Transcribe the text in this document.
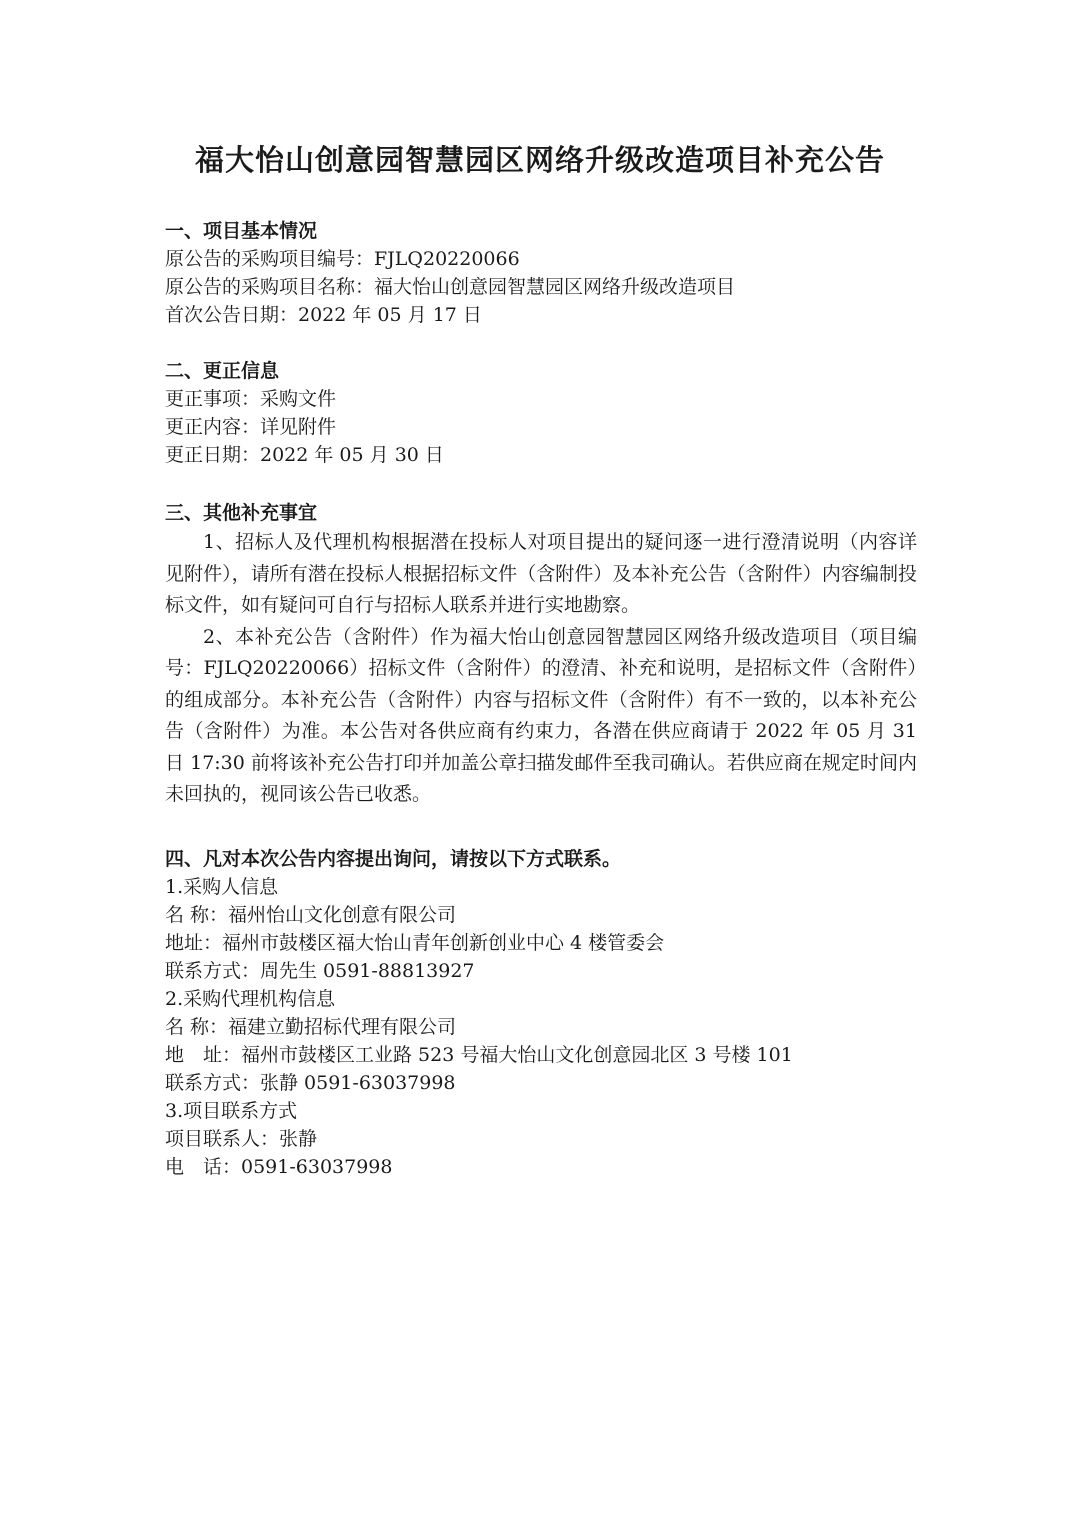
福大怡山创意园智慧园区网络升级改造项目补充公告
一、项目基本情况
原公告的采购项目编号：FJLQ20220066
原公告的采购项目名称：福大怡山创意园智慧园区网络升级改造项目
首次公告日期：2022 年 05 月 17 日
二、更正信息
更正事项：采购文件
更正内容：详见附件
更正日期：2022 年 05 月 30 日
三、其他补充事宜

1、招标人及代理机构根据潜在投标人对项目提出的疑问逐一进行澄清说明（内容详见附件），请所有潜在投标人根据招标文件（含附件）及本补充公告（含附件）内容编制投标文件，如有疑问可自行与招标人联系并进行实地勘察。

2、本补充公告（含附件）作为福大怡山创意园智慧园区网络升级改造项目（项目编号：FJLQ20220066）招标文件（含附件）的澄清、补充和说明，是招标文件（含附件）的组成部分。本补充公告（含附件）内容与招标文件（含附件）有不一致的，以本补充公告（含附件）为准。本公告对各供应商有约束力，各潜在供应商请于 2022 年 05 月 31 日 17:30 前将该补充公告打印并加盖公章扫描发邮件至我司确认。若供应商在规定时间内未回执的，视同该公告已收悉。

四、凡对本次公告内容提出询问，请按以下方式联系。
1.采购人信息
名 称：福州怡山文化创意有限公司
地址：福州市鼓楼区福大怡山青年创新创业中心 4 楼管委会
联系方式：周先生 0591-88813927
2.采购代理机构信息
名 称：福建立勤招标代理有限公司
地　址：福州市鼓楼区工业路 523 号福大怡山文化创意园北区 3 号楼 101
联系方式：张静 0591-63037998
3.项目联系方式
项目联系人：张静
电　话：0591-63037998
